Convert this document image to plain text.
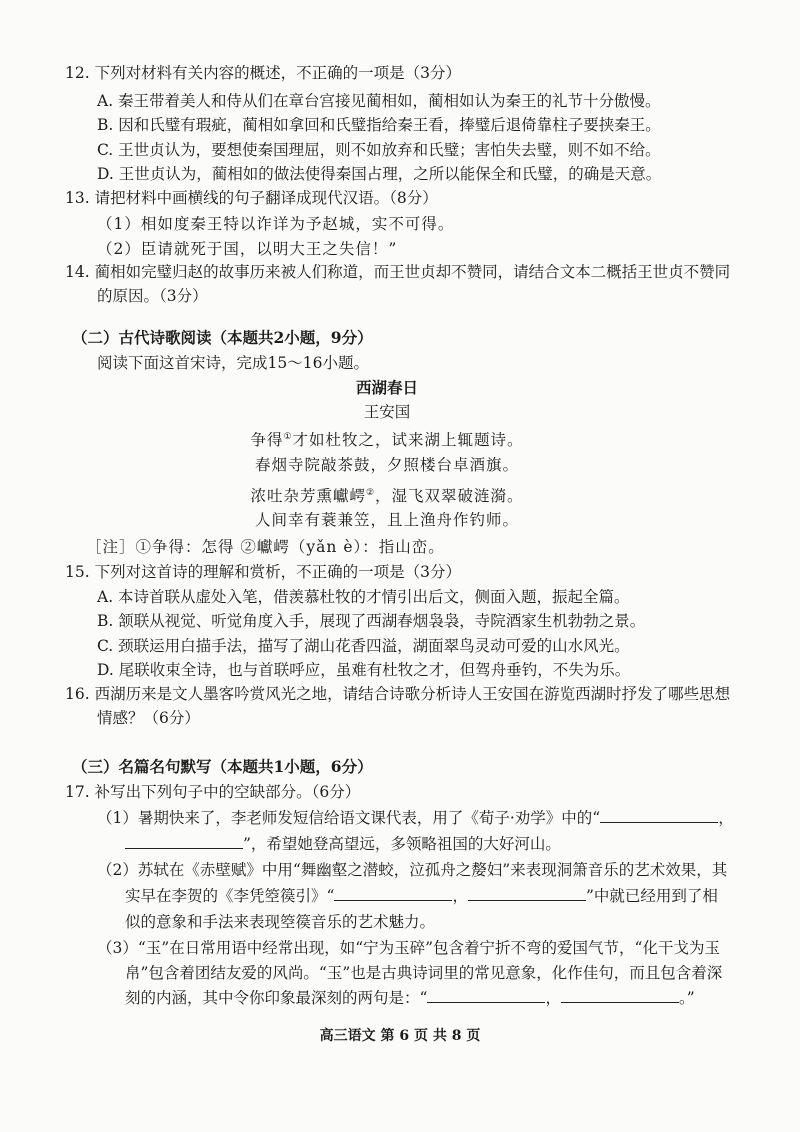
12. 下列对材料有关内容的概述，不正确的一项是（3分）
A. 秦王带着美人和侍从们在章台宫接见蔺相如，蔺相如认为秦王的礼节十分傲慢。
B. 因和氏璧有瑕疵，蔺相如拿回和氏璧指给秦王看，捧璧后退倚靠柱子要挟秦王。
C. 王世贞认为，要想使秦国理屈，则不如放弃和氏璧；害怕失去璧，则不如不给。
D. 王世贞认为，蔺相如的做法使得秦国占理，之所以能保全和氏璧，的确是天意。
13. 请把材料中画横线的句子翻译成现代汉语。（8分）
（1）相如度秦王特以诈详为予赵城，实不可得。
（2）臣请就死于国，以明大王之失信！”
14. 蔺相如完璧归赵的故事历来被人们称道，而王世贞却不赞同，请结合文本二概括王世贞不赞同
的原因。（3分）
（二）古代诗歌阅读（本题共2小题，9分）
阅读下面这首宋诗，完成15～16小题。
西湖春日
王安国
争得①才如杜牧之，试来湖上辄题诗。
春烟寺院敲茶鼓，夕照楼台卓酒旗。
浓吐杂芳熏巘崿②，湿飞双翠破涟漪。
人间幸有蓑兼笠，且上渔舟作钓师。
［注］①争得：怎得 ②巘崿（yǎn è）：指山峦。
15. 下列对这首诗的理解和赏析，不正确的一项是（3分）
A. 本诗首联从虚处入笔，借羡慕杜牧的才情引出后文，侧面入题，振起全篇。
B. 颔联从视觉、听觉角度入手，展现了西湖春烟袅袅，寺院酒家生机勃勃之景。
C. 颈联运用白描手法，描写了湖山花香四溢，湖面翠鸟灵动可爱的山水风光。
D. 尾联收束全诗，也与首联呼应，虽难有杜牧之才，但驾舟垂钓，不失为乐。
16. 西湖历来是文人墨客吟赏风光之地，请结合诗歌分析诗人王安国在游览西湖时抒发了哪些思想
情感？（6分）
（三）名篇名句默写（本题共1小题，6分）
17. 补写出下列句子中的空缺部分。（6分）
（1）暑期快来了，李老师发短信给语文课代表，用了《荀子·劝学》中的“	，
”，希望她登高望远，多领略祖国的大好河山。
（2）苏轼在《赤壁赋》中用“舞幽壑之潜蛟，泣孤舟之嫠妇”来表现洞箫音乐的艺术效果，其
实早在李贺的《李凭箜篌引》“	，	”中就已经用到了相
似的意象和手法来表现箜篌音乐的艺术魅力。
（3）“玉”在日常用语中经常出现，如“宁为玉碎”包含着宁折不弯的爱国气节，“化干戈为玉
帛”包含着团结友爱的风尚。“玉”也是古典诗词里的常见意象，化作佳句，而且包含着深
刻的内涵，其中令你印象最深刻的两句是：“	，	。”
高三语文 第 6 页 共 8 页
